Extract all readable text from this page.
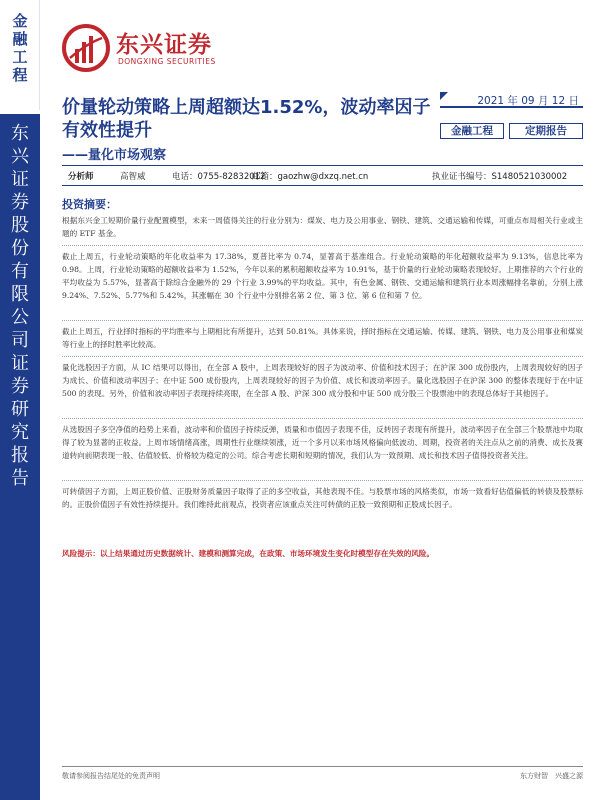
金融工程
东兴证券股份有限公司证券研究报告
东兴证券
DONGXING SECURITIES
价量轮动策略上周超额达1.52%，波动率因子有效性提升
——量化市场观察
2021 年 09 月 12 日
金融工程	定期报告
分析师	高智威	电话：0755-82832012
邮箱：gaozhw@dxzq.net.cn	执业证书编号：S1480521030002
投资摘要：
根据东兴金工短期价量行业配置模型，未来一周值得关注的行业分别为：煤炭、电力及公用事业、钢铁、建筑、交通运输和传媒，可重点布局相关行业或主题的 ETF 基金。
截止上周五，行业轮动策略的年化收益率为 17.38%，夏普比率为 0.74，显著高于基准组合。行业轮动策略的年化超额收益率为 9.13%，信息比率为 0.98。上周，行业轮动策略的超额收益率为 1.52%，今年以来的累积超额收益率为 10.91%，基于价量的行业轮动策略表现较好。上期推荐的六个行业的平均收益为 5.57%，显著高于除综合金融外的 29 个行业 3.99%的平均收益。其中，有色金属、钢铁、交通运输和建筑行业本周涨幅排名靠前，分别上涨 9.24%、7.52%、5.77%和 5.42%，其涨幅在 30 个行业中分别排名第 2 位、第 3 位、第 6 位和第 7 位。
截止上周五，行业择时指标的平均胜率与上期相比有所提升，达到 50.81%。具体来说，择时指标在交通运输、传媒、建筑、钢铁、电力及公用事业和煤炭等行业上的择时胜率比较高。
量化选股因子方面，从 IC 结果可以得出，在全部 A 股中，上周表现较好的因子为波动率、价值和技术因子；在沪深 300 成份股内，上周表现较好的因子为成长、价值和波动率因子；在中证 500 成份股内，上周表现较好的因子为价值、成长和波动率因子。量化选股因子在沪深 300 的整体表现好于在中证 500 的表现。另外，价值和波动率因子表现持续亮眼，在全部 A 股、沪深 300 成分股和中证 500 成分股三个股票池中的表现总体好于其他因子。
从选股因子多空净值的趋势上来看，波动率和价值因子持续反弹，质量和市值因子表现不佳，反转因子表现有所提升，波动率因子在全部三个股票池中均取得了较为显著的正收益。上周市场情绪高涨，周期性行业继续领涨，近一个多月以来市场风格偏向低波动、周期，投资者的关注点从之前的消费、成长及赛道转向前期表现一般、估值较低、价格较为稳定的公司。综合考虑长期和短期的情况，我们认为一致预期、成长和技术因子值得投资者关注。
可转债因子方面，上周正股价值、正股财务质量因子取得了正的多空收益，其他表现不佳。与股票市场的风格类似，市场一致看好估值偏低的转债及股票标的。正股价值因子有效性持续提升。我们维持此前观点，投资者应该重点关注可转债的正股一致预期和正股成长因子。
风险提示：以上结果通过历史数据统计、建模和测算完成，在政策、市场环境发生变化时模型存在失效的风险。
敬请参阅报告结尾处的免责声明	东方财智　兴盛之源
